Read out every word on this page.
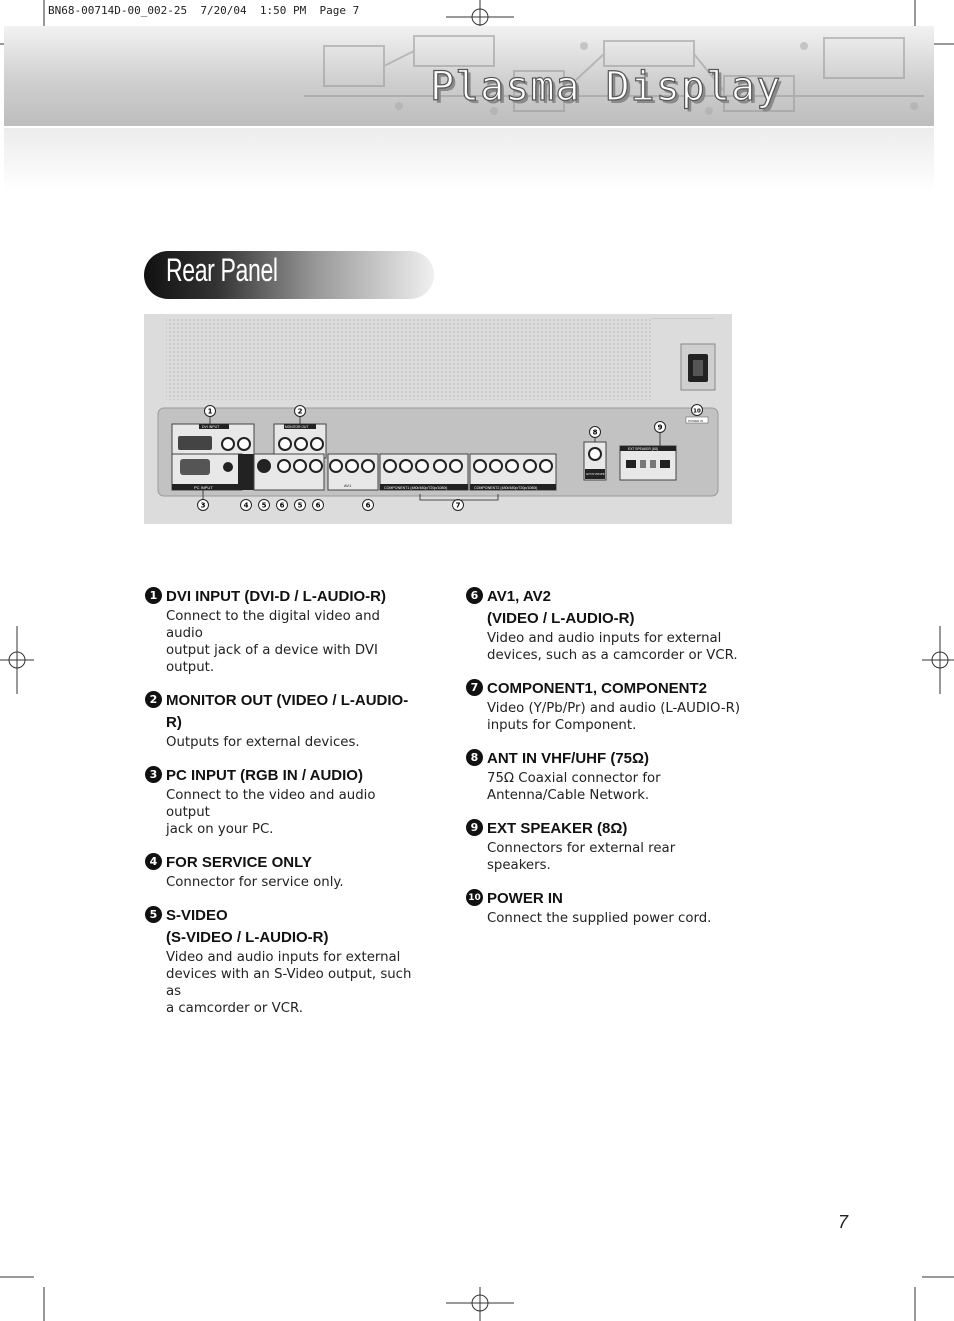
BN68-00714D-00_002-25  7/20/04  1:50 PM  Page 7
Plasma Display
Rear Panel
DVI INPUT	MONITOR OUT
PC INPUT	AV1	COMPONENT1 (480i/480p/720p/1080i)	COMPONENT2 (480i/480p/720p/1080i)
ANT IN VHF/UHF
EXT SPEAKER (8Ω)
POWER IN
1	2
3	4 5 6 5 6	6	7
8
9
10
1 DVI INPUT (DVI-D / L-AUDIO-R)
Connect to the digital video and audio
output jack of a device with DVI output.
2 MONITOR OUT (VIDEO / L-AUDIO-R)
Outputs for external devices.
3 PC INPUT (RGB IN / AUDIO)
Connect to the video and audio output
jack on your PC.
4 FOR SERVICE ONLY
Connector for service only.
5 S-VIDEO
(S-VIDEO / L-AUDIO-R)
Video and audio inputs for external
devices with an S-Video output, such as
a camcorder or VCR.
6 AV1, AV2
(VIDEO / L-AUDIO-R)
Video and audio inputs for external
devices, such as a camcorder or VCR.
7 COMPONENT1, COMPONENT2
Video (Y/Pb/Pr) and audio (L-AUDIO-R)
inputs for Component.
8 ANT IN VHF/UHF (75Ω)
75Ω Coaxial connector for
Antenna/Cable Network.
9 EXT SPEAKER (8Ω)
Connectors for external rear speakers.
10 POWER IN
Connect the supplied power cord.
7
